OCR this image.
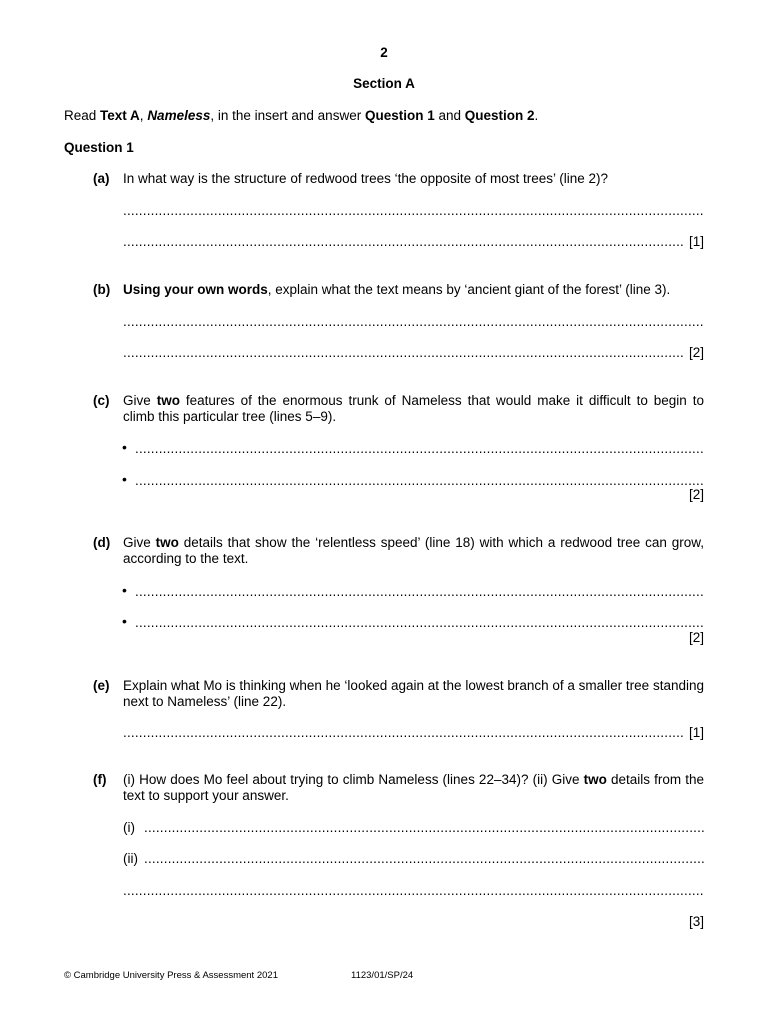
2
Section A
Read Text A, Nameless, in the insert and answer Question 1 and Question 2.
Question 1
(a) In what way is the structure of redwood trees ‘the opposite of most trees’ (line 2)?
.....
.....
[1]
(b) Using your own words, explain what the text means by ‘ancient giant of the forest’ (line 3).
.....
.....
[2]
(c) Give two features of the enormous trunk of Nameless that would make it difficult to begin to climb this particular tree (lines 5–9).
•
.....
•
.....
[2]
(d) Give two details that show the ‘relentless speed’ (line 18) with which a redwood tree can grow, according to the text.
•
.....
•
.....
[2]
(e) Explain what Mo is thinking when he ‘looked again at the lowest branch of a smaller tree standing next to Nameless’ (line 22).
.....
[1]
(f) (i) How does Mo feel about trying to climb Nameless (lines 22–34)? (ii) Give two details from the text to support your answer.
(i)
.....
(ii)
.....
.....
[3]
© Cambridge University Press & Assessment 2021	1123/01/SP/24
